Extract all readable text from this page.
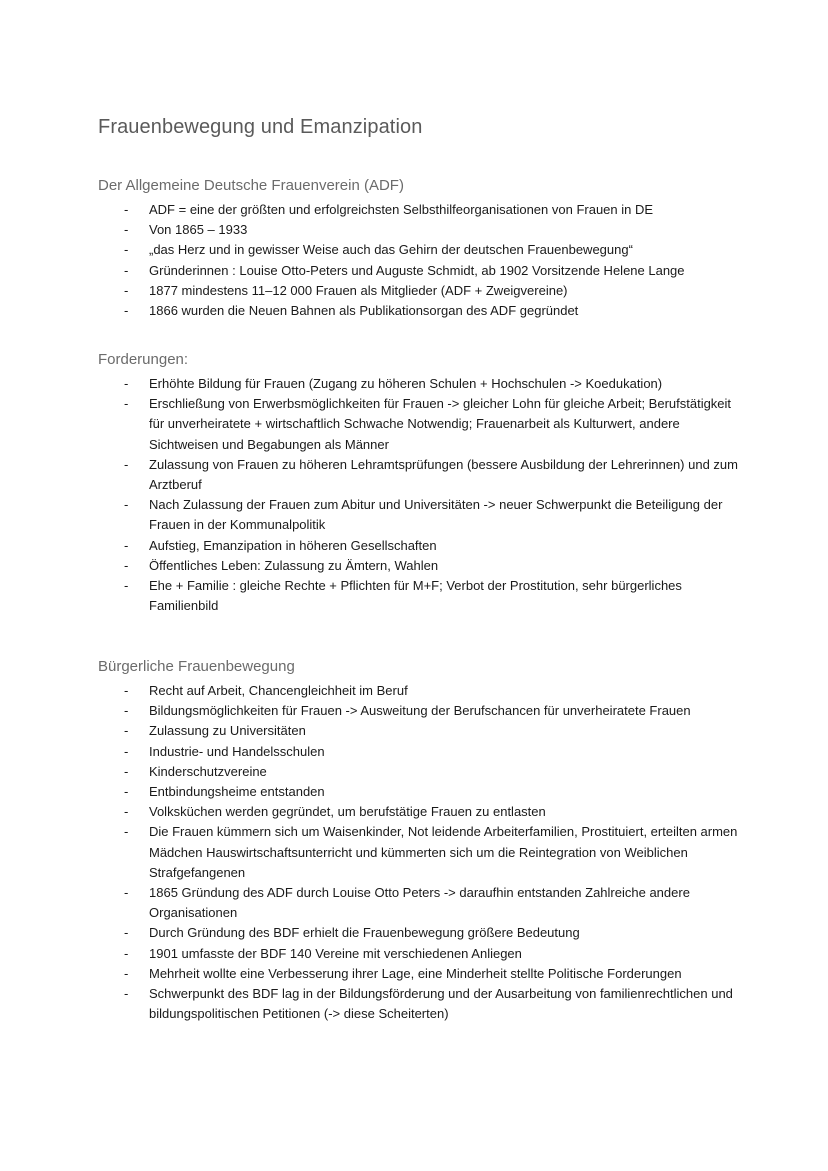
Frauenbewegung und Emanzipation
Der Allgemeine Deutsche Frauenverein (ADF)
- ADF = eine der größten und erfolgreichsten Selbsthilfeorganisationen von Frauen in DE
- Von 1865 – 1933
- „das Herz und in gewisser Weise auch das Gehirn der deutschen Frauenbewegung“
- Gründerinnen : Louise Otto-Peters und Auguste Schmidt, ab 1902 Vorsitzende Helene Lange
- 1877 mindestens 11–12 000 Frauen als Mitglieder (ADF + Zweigvereine)
- 1866 wurden die Neuen Bahnen als Publikationsorgan des ADF gegründet
Forderungen:
- Erhöhte Bildung für Frauen (Zugang zu höheren Schulen + Hochschulen -> Koedukation)
- Erschließung von Erwerbsmöglichkeiten für Frauen -> gleicher Lohn für gleiche Arbeit; Berufstätigkeit für unverheiratete + wirtschaftlich Schwache Notwendig; Frauenarbeit als Kulturwert, andere Sichtweisen und Begabungen als Männer
- Zulassung von Frauen zu höheren Lehramtsprüfungen (bessere Ausbildung der Lehrerinnen) und zum Arztberuf
- Nach Zulassung der Frauen zum Abitur und Universitäten -> neuer Schwerpunkt die Beteiligung der Frauen in der Kommunalpolitik
- Aufstieg, Emanzipation in höheren Gesellschaften
- Öffentliches Leben: Zulassung zu Ämtern, Wahlen
- Ehe + Familie : gleiche Rechte + Pflichten für M+F; Verbot der Prostitution, sehr bürgerliches Familienbild
Bürgerliche Frauenbewegung
- Recht auf Arbeit, Chancengleichheit im Beruf
- Bildungsmöglichkeiten für Frauen -> Ausweitung der Berufschancen für unverheiratete Frauen
- Zulassung zu Universitäten
- Industrie- und Handelsschulen
- Kinderschutzvereine
- Entbindungsheime entstanden
- Volksküchen werden gegründet, um berufstätige Frauen zu entlasten
- Die Frauen kümmern sich um Waisenkinder, Not leidende Arbeiterfamilien, Prostituiert, erteilten armen Mädchen Hauswirtschaftsunterricht und kümmerten sich um die Reintegration von Weiblichen Strafgefangenen
- 1865 Gründung des ADF durch Louise Otto Peters -> daraufhin entstanden Zahlreiche andere Organisationen
- Durch Gründung des BDF erhielt die Frauenbewegung größere Bedeutung
- 1901 umfasste der BDF 140 Vereine mit verschiedenen Anliegen
- Mehrheit wollte eine Verbesserung ihrer Lage, eine Minderheit stellte Politische Forderungen
- Schwerpunkt des BDF lag in der Bildungsförderung und der Ausarbeitung von familienrechtlichen und bildungspolitischen Petitionen (-> diese Scheiterten)
